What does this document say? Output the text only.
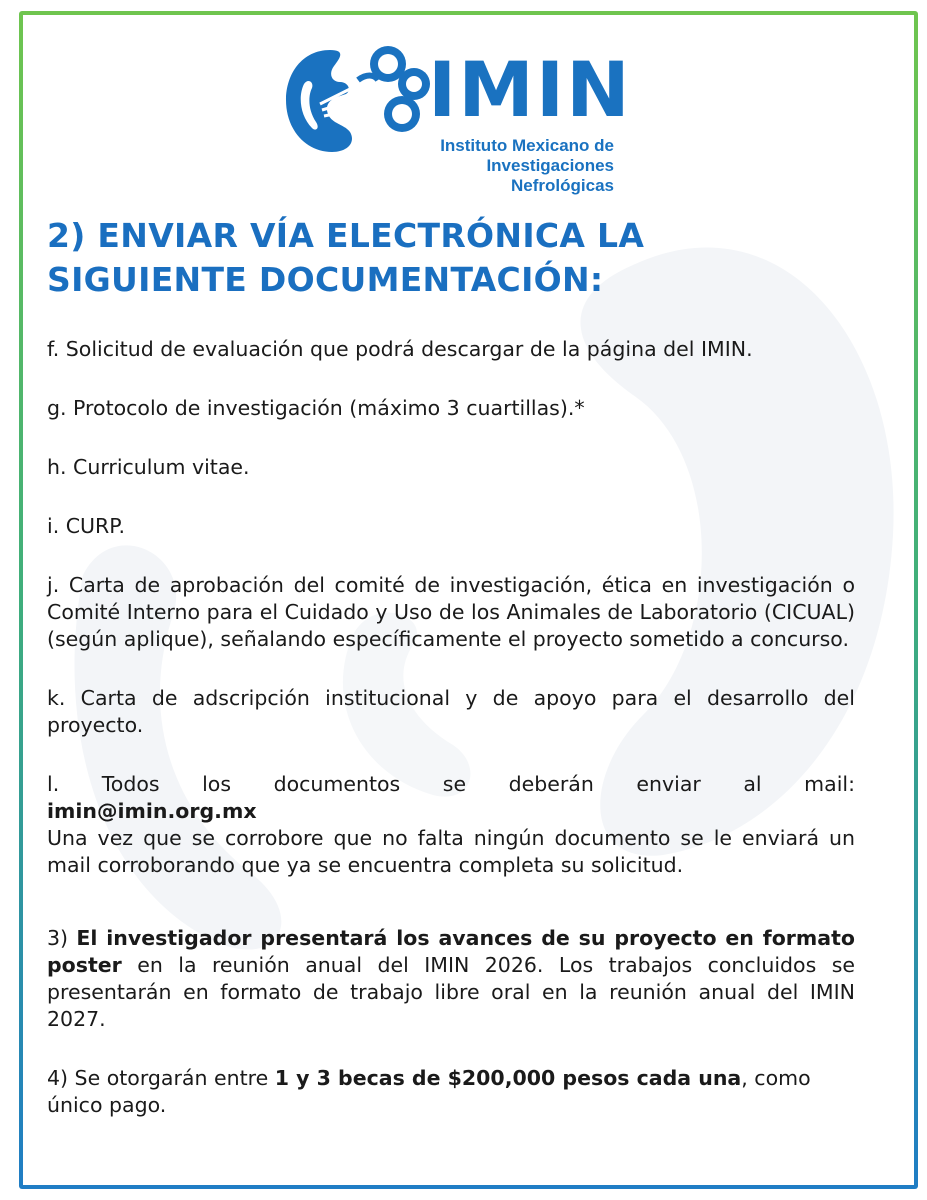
IMIN
Instituto Mexicano de
Investigaciones Nefrológicas
2) ENVIAR VÍA ELECTRÓNICA LA SIGUIENTE DOCUMENTACIÓN:

f. Solicitud de evaluación que podrá descargar de la página del IMIN.

g. Protocolo de investigación (máximo 3 cuartillas).*

h. Curriculum vitae.

i. CURP.

j. Carta de aprobación del comité de investigación, ética en investigación o Comité Interno para el Cuidado y Uso de los Animales de Laboratorio (CICUAL) (según aplique), señalando específicamente el proyecto sometido a concurso.

k. Carta de adscripción institucional y de apoyo para el desarrollo del proyecto.

l. Todos los documentos se deberán enviar al mail:
imin@imin.org.mx
Una vez que se corrobore que no falta ningún documento se le enviará un mail corroborando que ya se encuentra completa su solicitud.

3) El investigador presentará los avances de su proyecto en formato poster en la reunión anual del IMIN 2026. Los trabajos concluidos se presentarán en formato de trabajo libre oral en la reunión anual del IMIN 2027.

4) Se otorgarán entre 1 y 3 becas de $200,000 pesos cada una, como único pago.
